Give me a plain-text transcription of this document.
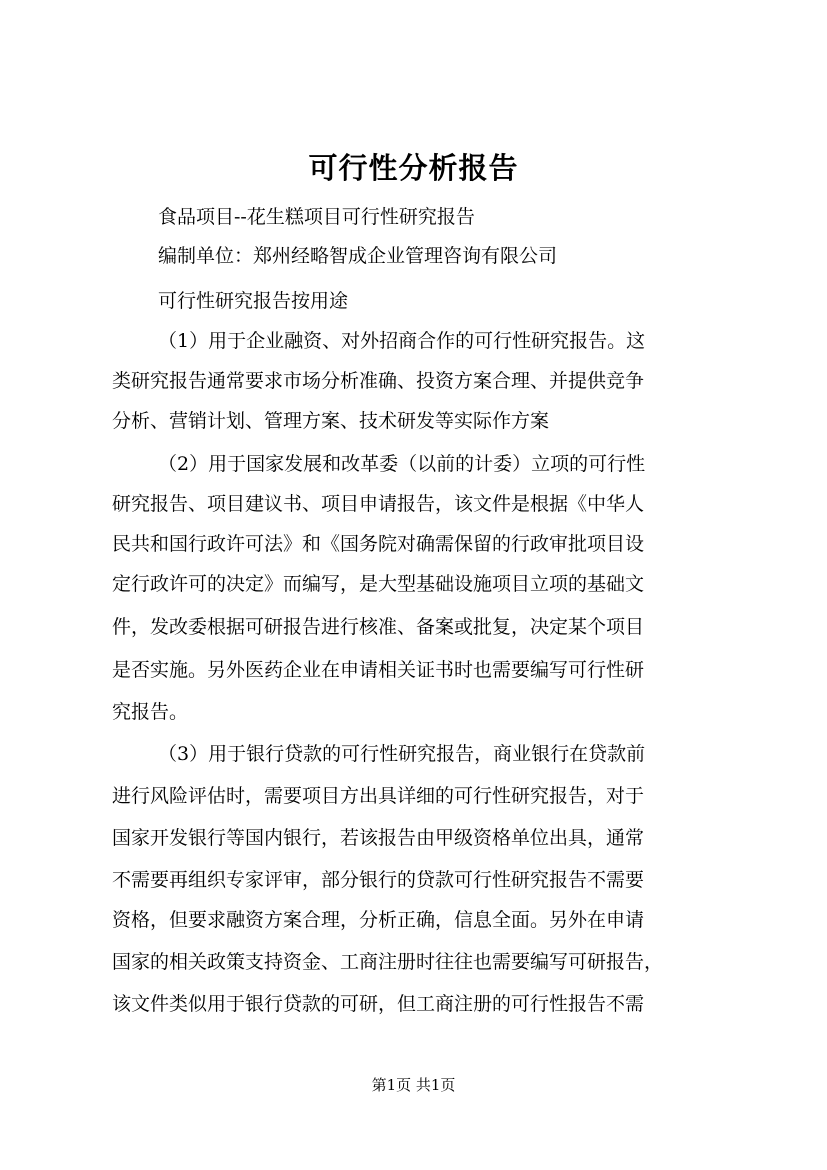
可行性分析报告
食品项目--花生糕项目可行性研究报告
编制单位：郑州经略智成企业管理咨询有限公司
可行性研究报告按用途
（1）用于企业融资、对外招商合作的可行性研究报告。这
类研究报告通常要求市场分析准确、投资方案合理、并提供竞争
分析、营销计划、管理方案、技术研发等实际作方案
（2）用于国家发展和改革委（以前的计委）立项的可行性
研究报告、项目建议书、项目申请报告，该文件是根据《中华人
民共和国行政许可法》和《国务院对确需保留的行政审批项目设
定行政许可的决定》而编写，是大型基础设施项目立项的基础文
件，发改委根据可研报告进行核准、备案或批复，决定某个项目
是否实施。另外医药企业在申请相关证书时也需要编写可行性研
究报告。
（3）用于银行贷款的可行性研究报告，商业银行在贷款前
进行风险评估时，需要项目方出具详细的可行性研究报告，对于
国家开发银行等国内银行，若该报告由甲级资格单位出具，通常
不需要再组织专家评审，部分银行的贷款可行性研究报告不需要
资格，但要求融资方案合理，分析正确，信息全面。另外在申请
国家的相关政策支持资金、工商注册时往往也需要编写可研报告，
该文件类似用于银行贷款的可研，但工商注册的可行性报告不需
第1页 共1页
